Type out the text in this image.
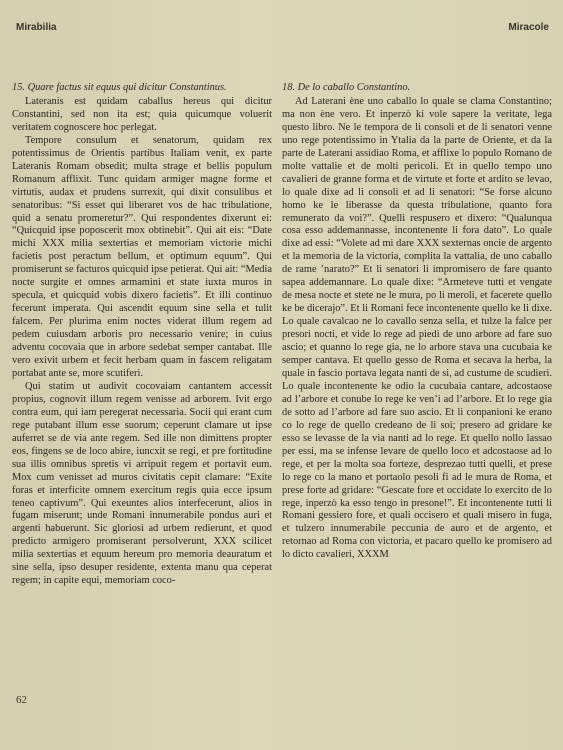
Mirabilia	Miracole
15. Quare factus sit equus qui dicitur Constantinus.

Lateranis est quidam caballus hereus qui dicitur Constantini, sed non ita est; quia quicumque voluerit veritatem cognoscere hoc perlegat.

Tempore consulum et senatorum, quidam rex potentissimus de Orientis partibus Italiam venit, ex parte Lateranis Romam obsedit; multa strage et bellis populum Romanum afflixit. Tunc quidam armiger magne forme et virtutis, audax et prudens surrexit, qui dixit consulibus et senatoribus: “Si esset qui liberaret vos de hac tribulatione, quid a senatu promeretur?”. Qui respondentes dixerunt ei: “Quicquid ipse poposcerit mox obtinebit”. Qui ait eis: “Date michi XXX milia sextertias et memoriam victorie michi facietis post peractum bellum, et optimum equum”. Qui promiserunt se facturos quicquid ipse petierat. Qui ait: “Media nocte surgite et omnes armamini et state iuxta muros in specula, et quicquid vobis dixero facietis”. Et illi continuo fecerunt imperata. Qui ascendit equum sine sella et tulit falcem. Per plurima enim noctes viderat illum regem ad pedem cuiusdam arboris pro necessario venire; in cuius adventu cocovaia que in arbore sedebat semper cantabat. Ille vero exivit urbem et fecit herbam quam in fascem religatam portabat ante se, more scutiferi.

Qui statim ut audivit cocovaiam cantantem accessit propius, cognovit illum regem venisse ad arborem. Ivit ergo contra eum, qui iam peregerat necessaria. Socii qui erant cum rege putabant illum esse suorum; ceperunt clamare ut ipse auferret se de via ante regem. Sed ille non dimittens propter eos, fingens se de loco abire, iuncxit se regi, et pre fortitudine sua illis omnibus spretis vi arripuit regem et portavit eum. Mox cum venisset ad muros civitatis cepit clamare: “Exite foras et interficite omnem exercitum regis quia ecce ipsum teneo captivum”. Qui exeuntes alios interfecerunt, alios in fugam miserunt; unde Romani innumerabile pondus auri et argenti habuerunt. Sic gloriosi ad urbem redierunt, et quod predicto armigero promiserant persolverunt, XXX scilicet milia sextertias et equum hereum pro memoria deauratum et sine sella, ipso desuper residente, extenta manu qua ceperat regem; in capite equi, memoriam coco-

18. De lo caballo Constantino.

Ad Laterani ène uno caballo lo quale se clama Constantino; ma non ène vero. Et inperzò ki vole sapere la veritate, lega questo libro. Ne le tempora de li consoli et de li senatori venne uno rege potentissimo in Ytalia da la parte de Oriente, et da la parte de Laterani assidiao Roma, et afflixe lo populo Romano de molte vattalie et de molti pericoli. Et in quello tempo uno cavalieri de granne forma et de virtute et forte et ardito se levao, lo quale dixe ad li consoli et ad li senatori: “Se forse alcuno homo ke le liberasse da questa tribulatione, quanto fora remunerato da voi?”. Quelli respusero et dixero: “Qualunqua cosa esso addemannasse, incontenente li fora dato”. Lo quale dixe ad essi: “Volete ad mi dare XXX sexternas oncie de argento et la memoria de la victoria, complita la vattalia, de uno caballo de rame ’narato?” Et li senatori li impromisero de fare quanto sapea addemannare. Lo quale dixe: “Armeteve tutti et vengate de mesa nocte et stete ne le mura, po li meroli, et facerete quello ke be dicerajo”. Et li Romani fece incontenente quello ke li dixe. Lo quale cavalcao ne lo cavallo senza sella, et tulze la falce per presori nocti, et vide lo rege ad piedi de uno arbore ad fare suo ascio; et quanno lo rege gia, ne lo arbore stava una cucubaia ke semper cantava. Et quello gesso de Roma et secava la herba, la quale in fascio portava legata nanti de si, ad custume de scudieri. Lo quale incontenente ke odio la cucubaia cantare, adcostaose ad l’arbore et conube lo rege ke ven’i ad l’arbore. Et lo rege gia de sotto ad l’arbore ad fare suo ascio. Et li conpanioni ke erano co lo rege de quello credeano de li soi; presero ad gridare ke esso se levasse de la via nanti ad lo rege. Et quello nollo lassao per essi, ma se infense levare de quello loco et adcostaose ad lo rege, et per la molta soa forteze, desprezao tutti quelli, et prese lo rege co la mano et portaolo pesoli fi ad le mura de Roma, et prese forte ad gridare: “Gescate fore et occidate lo exercito de lo rege, inperzò ka esso tengo in presone!”. Et incontenente tutti li Romani gessiero fore, et quali occisero et quali misero in fuga, et tulzero innumerabile peccunia de auro et de argento, et retornao ad Roma con victoria, et pacaro quello ke promisero ad lo dicto cavalieri, XXXM

62
